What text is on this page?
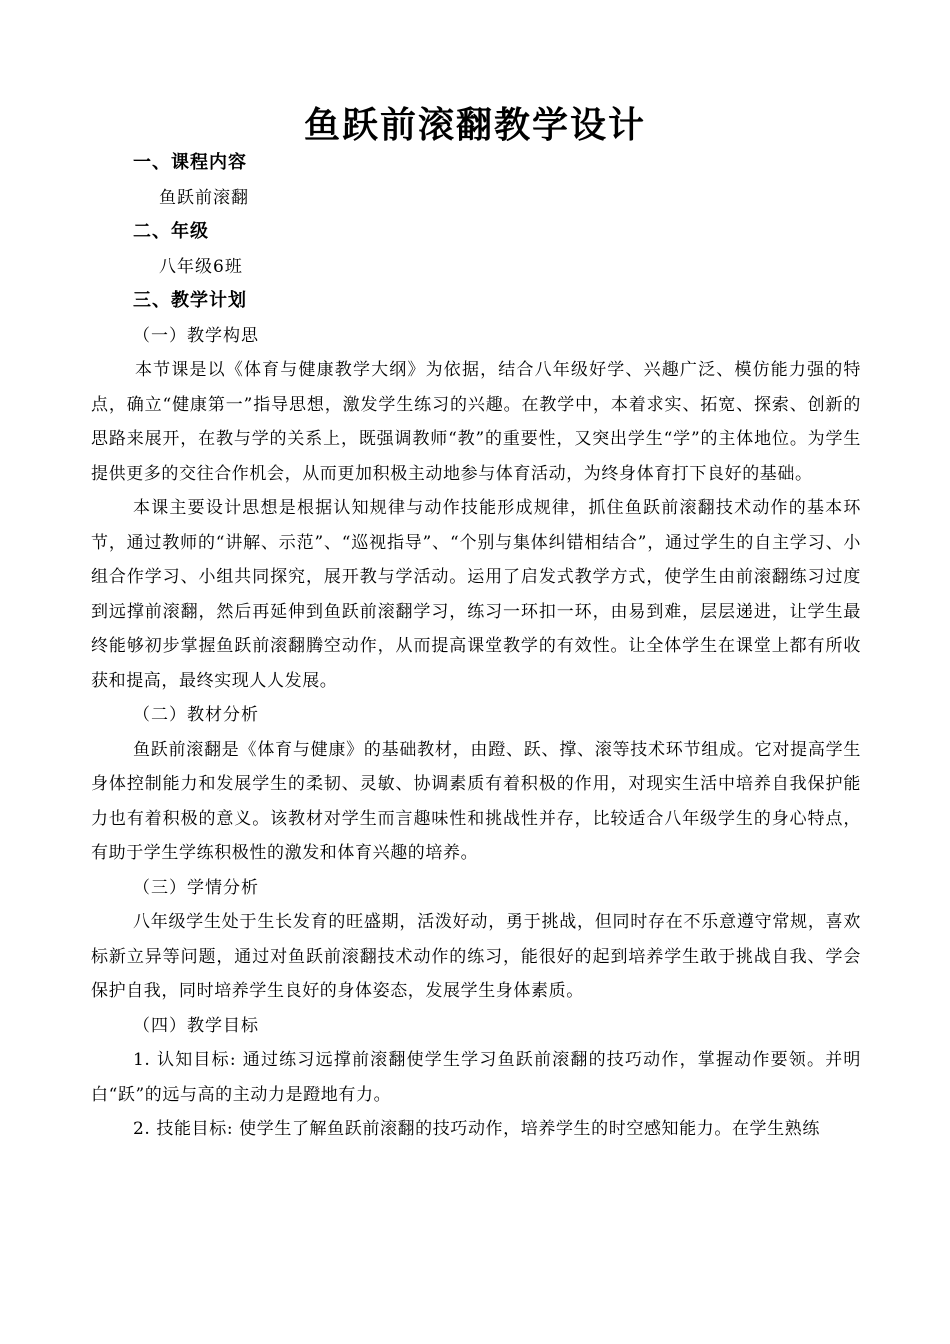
鱼跃前滚翻教学设计
一、课程内容
鱼跃前滚翻
二、年级
八年级6班
三、教学计划
（一）教学构思

本节课是以《体育与健康教学大纲》为依据，结合八年级好学、兴趣广泛、模仿能力强的特点，确立“健康第一”指导思想，激发学生练习的兴趣。在教学中，本着求实、拓宽、探索、创新的思路来展开，在教与学的关系上，既强调教师“教”的重要性，又突出学生“学”的主体地位。为学生提供更多的交往合作机会，从而更加积极主动地参与体育活动，为终身体育打下良好的基础。

本课主要设计思想是根据认知规律与动作技能形成规律，抓住鱼跃前滚翻技术动作的基本环节，通过教师的“讲解、示范”、“巡视指导”、“个别与集体纠错相结合”，通过学生的自主学习、小组合作学习、小组共同探究，展开教与学活动。运用了启发式教学方式，使学生由前滚翻练习过度到远撑前滚翻，然后再延伸到鱼跃前滚翻学习，练习一环扣一环，由易到难，层层递进，让学生最终能够初步掌握鱼跃前滚翻腾空动作，从而提高课堂教学的有效性。让全体学生在课堂上都有所收获和提高，最终实现人人发展。

（二）教材分析

鱼跃前滚翻是《体育与健康》的基础教材，由蹬、跃、撑、滚等技术环节组成。它对提高学生身体控制能力和发展学生的柔韧、灵敏、协调素质有着积极的作用，对现实生活中培养自我保护能力也有着积极的意义。该教材对学生而言趣味性和挑战性并存，比较适合八年级学生的身心特点，有助于学生学练积极性的激发和体育兴趣的培养。

（三）学情分析

八年级学生处于生长发育的旺盛期，活泼好动，勇于挑战，但同时存在不乐意遵守常规，喜欢标新立异等问题，通过对鱼跃前滚翻技术动作的练习，能很好的起到培养学生敢于挑战自我、学会保护自我，同时培养学生良好的身体姿态，发展学生身体素质。

（四）教学目标

1. 认知目标: 通过练习远撑前滚翻使学生学习鱼跃前滚翻的技巧动作，掌握动作要领。并明白“跃”的远与高的主动力是蹬地有力。

2. 技能目标: 使学生了解鱼跃前滚翻的技巧动作，培养学生的时空感知能力。在学生熟练
